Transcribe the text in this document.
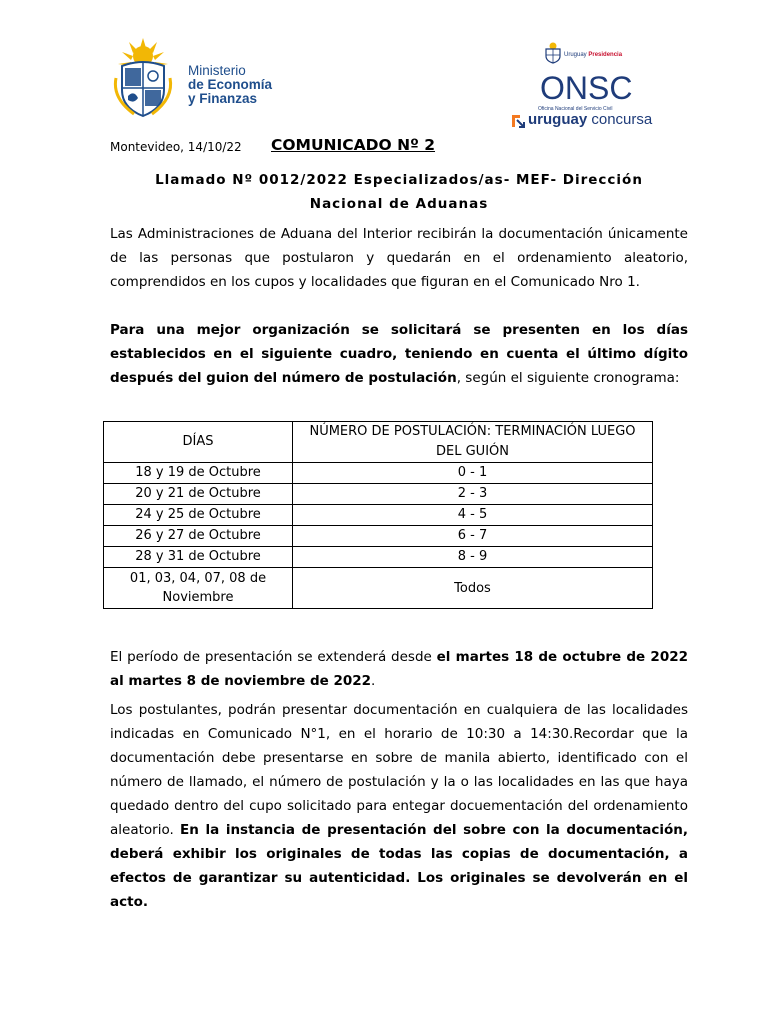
Ministerio
de Economía
y Finanzas
Uruguay Presidencia
ONSC
Oficina Nacional del Servicio Civil
uruguay concursa
Montevideo, 14/10/22 COMUNICADO Nº 2
Llamado Nº 0012/2022 Especializados/as- MEF- Dirección
Nacional de Aduanas
Las Administraciones de Aduana del Interior recibirán la documentación únicamente de las personas que postularon y quedarán en el ordenamiento aleatorio, comprendidos en los cupos y localidades que figuran en el Comunicado Nro 1.
Para una mejor organización se solicitará se presenten en los días establecidos en el siguiente cuadro, teniendo en cuenta el último dígito después del guion del número de postulación, según el siguiente cronograma:
DÍAS	NÚMERO DE POSTULACIÓN: TERMINACIÓN LUEGO DEL GUIÓN
18 y 19 de Octubre	0 - 1
20 y 21 de Octubre	2 - 3
24 y 25 de Octubre	4 - 5
26 y 27 de Octubre	6 - 7
28 y 31 de Octubre	8 - 9
01, 03, 04, 07, 08 de Noviembre	Todos
El período de presentación se extenderá desde el martes 18 de octubre de 2022 al martes 8 de noviembre de 2022.
Los postulantes, podrán presentar documentación en cualquiera de las localidades indicadas en Comunicado N°1, en el horario de 10:30 a 14:30.Recordar que la documentación debe presentarse en sobre de manila abierto, identificado con el número de llamado, el número de postulación y la o las localidades en las que haya quedado dentro del cupo solicitado para entegar docuementación del ordenamiento aleatorio. En la instancia de presentación del sobre con la documentación, deberá exhibir los originales de todas las copias de documentación, a efectos de garantizar su autenticidad. Los originales se devolverán en el acto.
